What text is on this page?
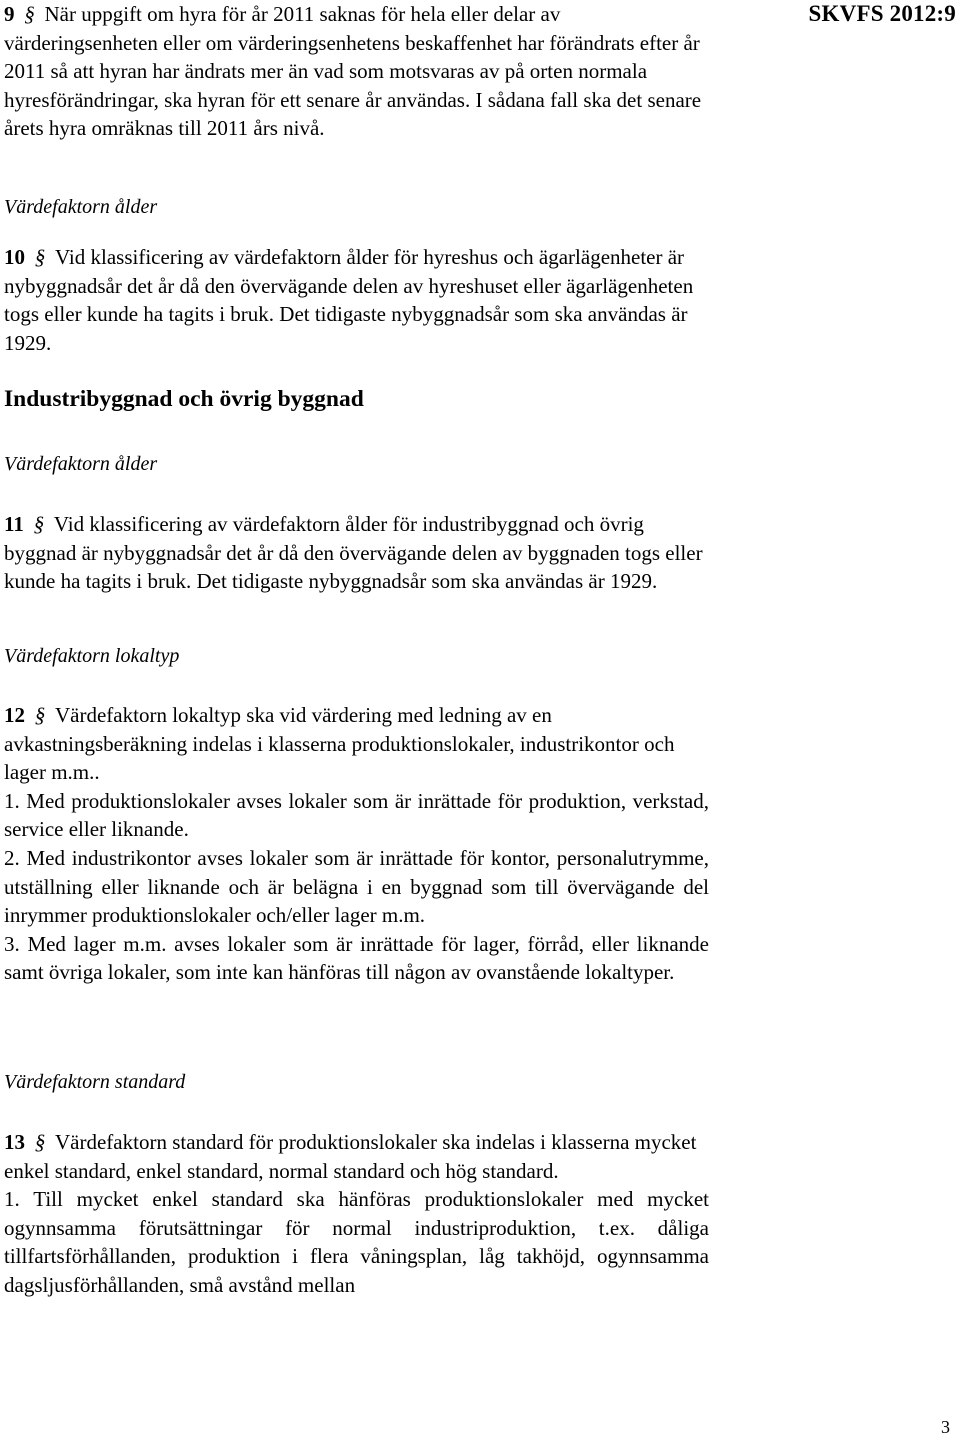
SKVFS 2012:9

9 § När uppgift om hyra för år 2011 saknas för hela eller delar av värderingsenheten eller om värderingsenhetens beskaffenhet har förändrats efter år 2011 så att hyran har ändrats mer än vad som motsvaras av på orten normala hyresförändringar, ska hyran för ett senare år användas. I sådana fall ska det senare årets hyra omräknas till 2011 års nivå.

Värdefaktorn ålder

10 § Vid klassificering av värdefaktorn ålder för hyreshus och ägarlägenheter är nybyggnadsår det år då den övervägande delen av hyreshuset eller ägarlägenheten togs eller kunde ha tagits i bruk. Det tidigaste nybyggnadsår som ska användas är 1929.

Industribyggnad och övrig byggnad
Värdefaktorn ålder

11 § Vid klassificering av värdefaktorn ålder för industribyggnad och övrig byggnad är nybyggnadsår det år då den övervägande delen av byggnaden togs eller kunde ha tagits i bruk. Det tidigaste nybyggnadsår som ska användas är 1929.

Värdefaktorn lokaltyp

12 § Värdefaktorn lokaltyp ska vid värdering med ledning av en avkastningsberäkning indelas i klasserna produktionslokaler, industrikontor och lager m.m..

1. Med produktionslokaler avses lokaler som är inrättade för produktion, verkstad, service eller liknande.

2. Med industrikontor avses lokaler som är inrättade för kontor, personalutrymme, utställning eller liknande och är belägna i en byggnad som till övervägande del inrymmer produktionslokaler och/eller lager m.m.

3. Med lager m.m. avses lokaler som är inrättade för lager, förråd, eller liknande samt övriga lokaler, som inte kan hänföras till någon av ovanstående lokaltyper.

Värdefaktorn standard

13 § Värdefaktorn standard för produktionslokaler ska indelas i klasserna mycket enkel standard, enkel standard, normal standard och hög standard.

1. Till mycket enkel standard ska hänföras produktionslokaler med mycket ogynnsamma förutsättningar för normal industriproduktion, t.ex. dåliga tillfartsförhållanden, produktion i flera våningsplan, låg takhöjd, ogynnsamma dagsljusförhållanden, små avstånd mellan

3
